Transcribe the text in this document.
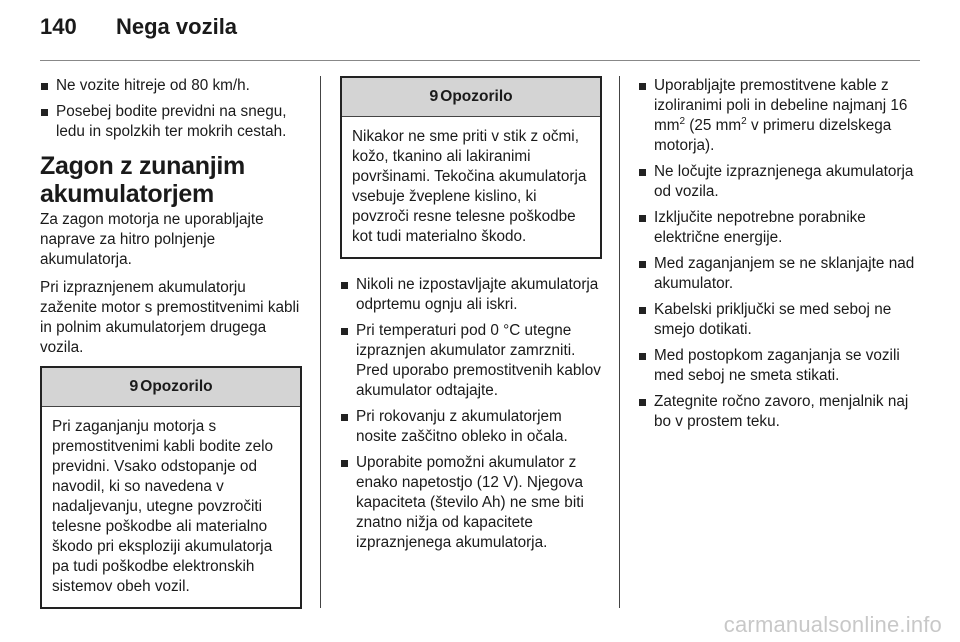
140 Nega vozila
Ne vozite hitreje od 80 km/h.
Posebej bodite previdni na snegu, ledu in spolzkih ter mokrih cestah.
Zagon z zunanjim akumulatorjem

Za zagon motorja ne uporabljajte naprave za hitro polnjenje akumulatorja.

Pri izpraznjenem akumulatorju zaženite motor s premostitvenimi kabli in polnim akumulatorjem drugega vozila.

9 Opozorilo
Pri zaganjanju motorja s premostitvenimi kabli bodite zelo previdni. Vsako odstopanje od navodil, ki so navedena v nadaljevanju, utegne povzročiti telesne poškodbe ali materialno škodo pri eksploziji akumulatorja pa tudi poškodbe elektronskih sistemov obeh vozil.
9 Opozorilo
Nikakor ne sme priti v stik z očmi, kožo, tkanino ali lakiranimi površinami. Tekočina akumulatorja vsebuje žveplene kislino, ki povzroči resne telesne poškodbe kot tudi materialno škodo.
Nikoli ne izpostavljajte akumulatorja odprtemu ognju ali iskri.
Pri temperaturi pod 0 °C utegne izpraznjen akumulator zamrzniti. Pred uporabo premostitvenih kablov akumulator odtajajte.
Pri rokovanju z akumulatorjem nosite zaščitno obleko in očala.
Uporabite pomožni akumulator z enako napetostjo (12 V). Njegova kapaciteta (število Ah) ne sme biti znatno nižja od kapacitete izpraznjenega akumulatorja.
Uporabljajte premostitvene kable z izoliranimi poli in debeline najmanj 16 $mm^2$ (25 $mm^2$ v primeru dizelskega motorja).
Ne ločujte izpraznjenega akumulatorja od vozila.
Izključite nepotrebne porabnike električne energije.
Med zaganjanjem se ne sklanjajte nad akumulator.
Kabelski priključki se med seboj ne smejo dotikati.
Med postopkom zaganjanja se vozili med seboj ne smeta stikati.
Zategnite ročno zavoro, menjalnik naj bo v prostem teku.
carmanualsonline.info
